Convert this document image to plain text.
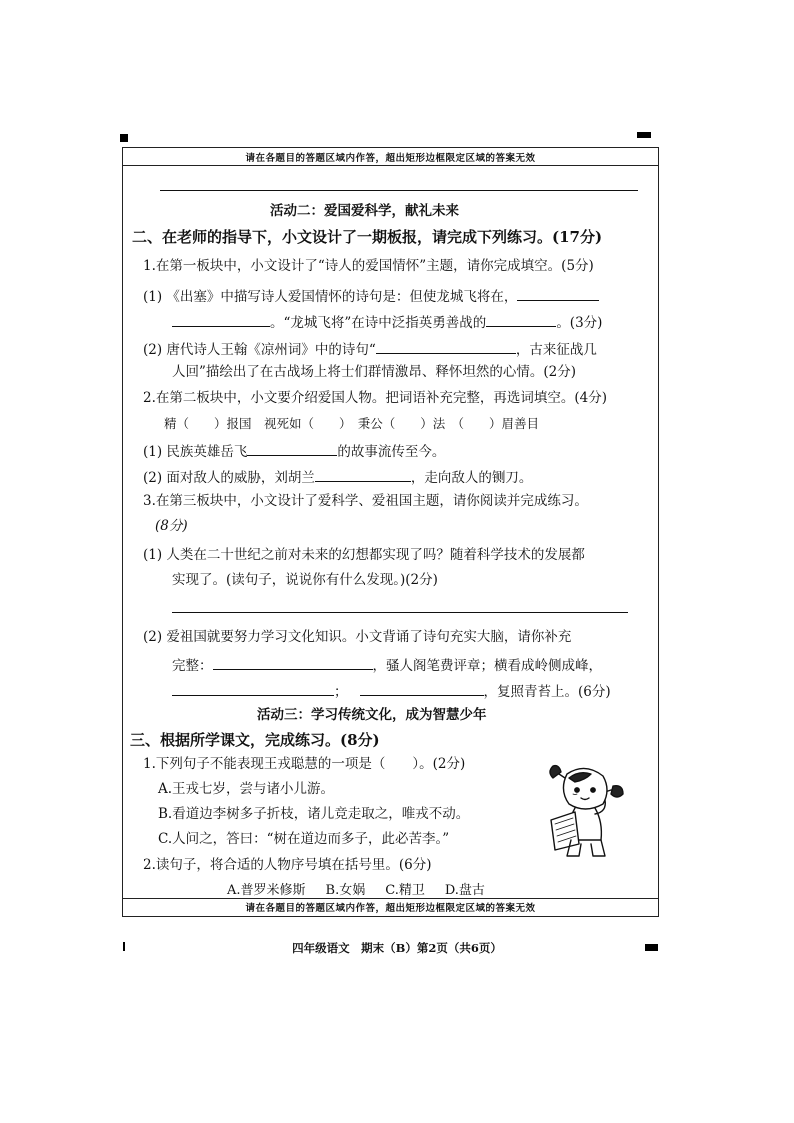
请在各题目的答题区域内作答，超出矩形边框限定区域的答案无效
请在各题目的答题区域内作答，超出矩形边框限定区域的答案无效
活动二：爱国爱科学，献礼未来
二、在老师的指导下，小文设计了一期板报，请完成下列练习。(17分)
1.在第一板块中，小文设计了“诗人的爱国情怀”主题，请你完成填空。(5分)
(1) 《出塞》中描写诗人爱国情怀的诗句是：但使龙城飞将在，
。“龙城飞将”在诗中泛指英勇善战的	。(3分)
(2) 唐代诗人王翰《凉州词》中的诗句“	，古来征战几
人回”描绘出了在古战场上将士们群情激昂、释怀坦然的心情。(2分)
2.在第二板块中，小文要介绍爱国人物。把词语补充完整，再选词填空。(4分)
精（　　）报国　视死如（　　）　秉公（　　）法　（　　）眉善目
(1) 民族英雄岳飞	的故事流传至今。
(2) 面对敌人的威胁，刘胡兰	，走向敌人的铡刀。
3.在第三板块中，小文设计了爱科学、爱祖国主题，请你阅读并完成练习。
(8分)
(1) 人类在二十世纪之前对未来的幻想都实现了吗？随着科学技术的发展都
实现了。(读句子，说说你有什么发现。)(2分)
(2) 爱祖国就要努力学习文化知识。小文背诵了诗句充实大脑，请你补充
完整：	，骚人阁笔费评章；横看成岭侧成峰，
；	，复照青苔上。(6分)
活动三：学习传统文化，成为智慧少年
三、根据所学课文，完成练习。(8分)
1.下列句子不能表现王戎聪慧的一项是（　　）。(2分)
A.王戎七岁，尝与诸小儿游。
B.看道边李树多子折枝，诸儿竞走取之，唯戎不动。
C.人问之，答曰：“树在道边而多子，此必苦李。”
2.读句子，将合适的人物序号填在括号里。(6分)
A.普罗米修斯 B.女娲 C.精卫 D.盘古
四年级语文　期末（B）第2页（共6页）
